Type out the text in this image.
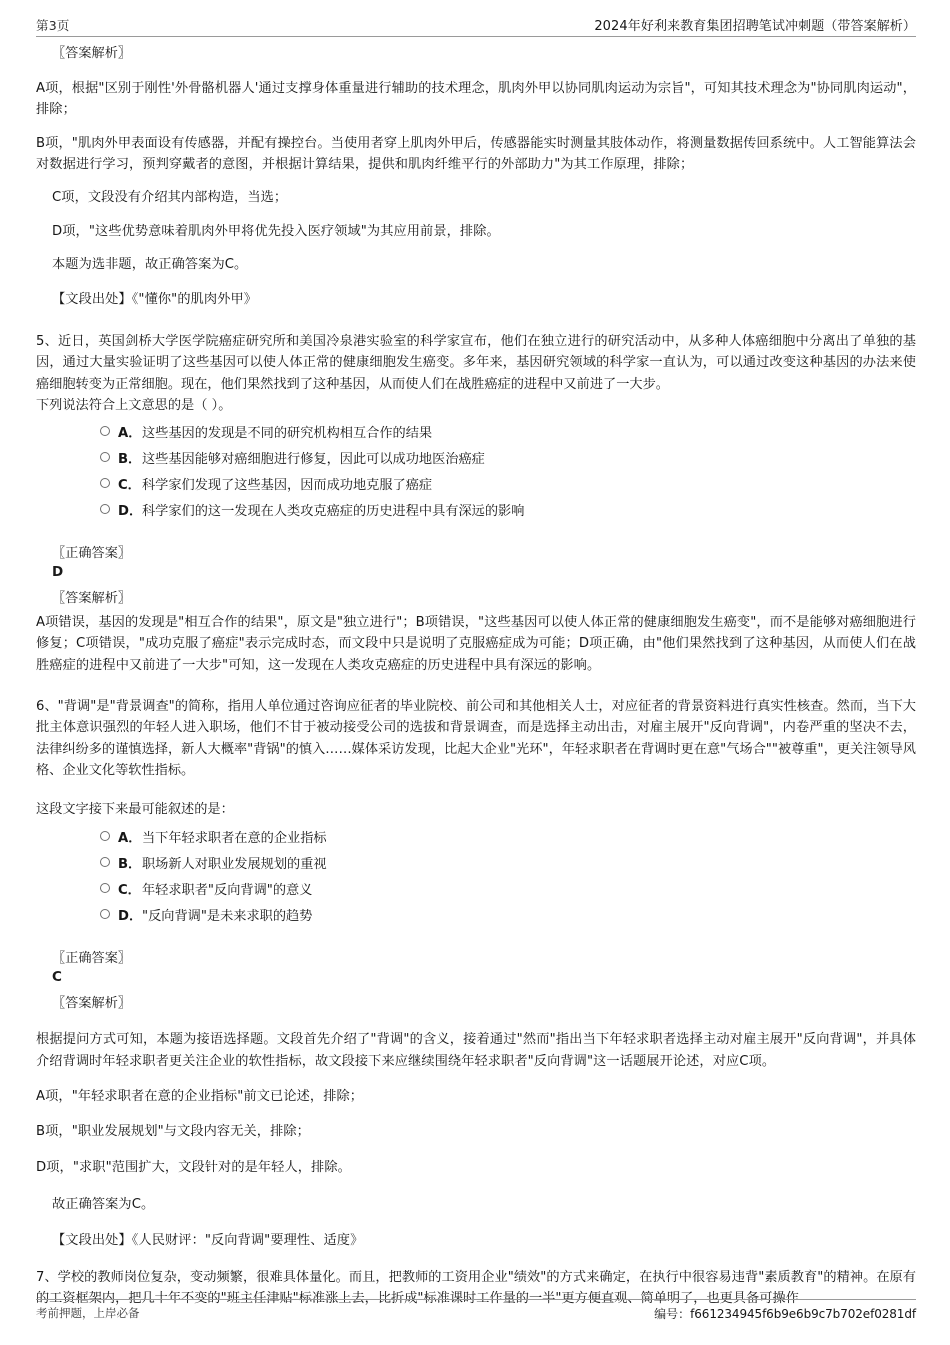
第3页	2024年好利来教育集团招聘笔试冲刺题（带答案解析）
〖答案解析〗
A项，根据"区别于刚性'外骨骼机器人'通过支撑身体重量进行辅助的技术理念，肌肉外甲以协同肌肉运动为宗旨"，可知其技术理念为"协同肌肉运动"，排除；
B项，"肌肉外甲表面设有传感器，并配有操控台。当使用者穿上肌肉外甲后，传感器能实时测量其肢体动作，将测量数据传回系统中。人工智能算法会对数据进行学习，预判穿戴者的意图，并根据计算结果，提供和肌肉纤维平行的外部助力"为其工作原理，排除；
C项，文段没有介绍其内部构造，当选；
D项，"这些优势意味着肌肉外甲将优先投入医疗领域"为其应用前景，排除。
本题为选非题，故正确答案为C。
【文段出处】《"懂你"的肌肉外甲》
5、近日，英国剑桥大学医学院癌症研究所和美国冷泉港实验室的科学家宣布，他们在独立进行的研究活动中，从多种人体癌细胞中分离出了单独的基因，通过大量实验证明了这些基因可以使人体正常的健康细胞发生癌变。多年来，基因研究领域的科学家一直认为，可以通过改变这种基因的办法来使癌细胞转变为正常细胞。现在，他们果然找到了这种基因，从而使人们在战胜癌症的进程中又前进了一大步。
下列说法符合上文意思的是（ ）。
A． 这些基因的发现是不同的研究机构相互合作的结果
B． 这些基因能够对癌细胞进行修复，因此可以成功地医治癌症
C． 科学家们发现了这些基因，因而成功地克服了癌症
D． 科学家们的这一发现在人类攻克癌症的历史进程中具有深远的影响
〖正确答案〗
D
〖答案解析〗
A项错误，基因的发现是"相互合作的结果"，原文是"独立进行"；B项错误，"这些基因可以使人体正常的健康细胞发生癌变"，而不是能够对癌细胞进行修复；C项错误，"成功克服了癌症"表示完成时态，而文段中只是说明了克服癌症成为可能；D项正确，由"他们果然找到了这种基因，从而使人们在战胜癌症的进程中又前进了一大步"可知，这一发现在人类攻克癌症的历史进程中具有深远的影响。
6、"背调"是"背景调查"的简称，指用人单位通过咨询应征者的毕业院校、前公司和其他相关人士，对应征者的背景资料进行真实性核查。然而，当下大批主体意识强烈的年轻人进入职场，他们不甘于被动接受公司的选拔和背景调查，而是选择主动出击，对雇主展开"反向背调"，内卷严重的坚决不去，法律纠纷多的谨慎选择，新人大概率"背锅"的慎入……媒体采访发现，比起大企业"光环"，年轻求职者在背调时更在意"气场合""被尊重"，更关注领导风格、企业文化等软性指标。
这段文字接下来最可能叙述的是：
A． 当下年轻求职者在意的企业指标
B． 职场新人对职业发展规划的重视
C． 年轻求职者"反向背调"的意义
D． "反向背调"是未来求职的趋势
〖正确答案〗
C
〖答案解析〗
根据提问方式可知，本题为接语选择题。文段首先介绍了"背调"的含义，接着通过"然而"指出当下年轻求职者选择主动对雇主展开"反向背调"，并具体介绍背调时年轻求职者更关注企业的软性指标，故文段接下来应继续围绕年轻求职者"反向背调"这一话题展开论述，对应C项。
A项，"年轻求职者在意的企业指标"前文已论述，排除；
B项，"职业发展规划"与文段内容无关，排除；
D项，"求职"范围扩大，文段针对的是年轻人，排除。
故正确答案为C。
【文段出处】《人民财评："反向背调"要理性、适度》
7、学校的教师岗位复杂，变动频繁，很难具体量化。而且，把教师的工资用企业"绩效"的方式来确定，在执行中很容易违背"素质教育"的精神。在原有的工资框架内，把几十年不变的"班主任津贴"标准涨上去，比折成"标准课时工作量的一半"更方便直观、简单明了，也更具备可操作
考前押题，上岸必备	编号：f661234945f6b9e6b9c7b702ef0281df
